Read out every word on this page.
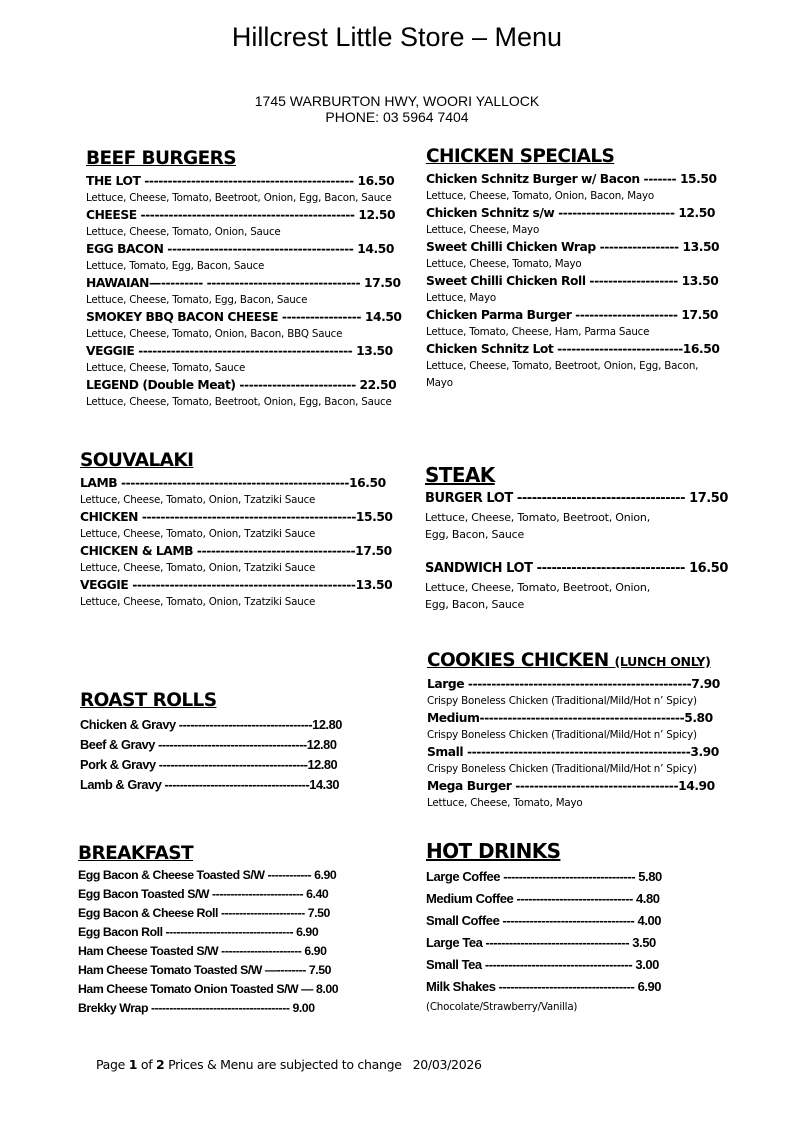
Hillcrest Little Store – Menu
1745 WARBURTON HWY, WOORI YALLOCK
PHONE: 03 5964 7404
BEEF BURGERS
THE LOT --------------------------------------------- 16.50
Lettuce, Cheese, Tomato, Beetroot, Onion, Egg, Bacon, Sauce
CHEESE ---------------------------------------------- 12.50
Lettuce, Cheese, Tomato, Onion, Sauce
EGG BACON ---------------------------------------- 14.50
Lettuce, Tomato, Egg, Bacon, Sauce
HAWAIAN—--------- --------------------------------- 17.50
Lettuce, Cheese, Tomato, Egg, Bacon, Sauce
SMOKEY BBQ BACON CHEESE ----------------- 14.50
Lettuce, Cheese, Tomato, Onion, Bacon, BBQ Sauce
VEGGIE ---------------------------------------------- 13.50
Lettuce, Cheese, Tomato, Sauce
LEGEND (Double Meat) ------------------------- 22.50
Lettuce, Cheese, Tomato, Beetroot, Onion, Egg, Bacon, Sauce
CHICKEN SPECIALS
Chicken Schnitz Burger w/ Bacon ------- 15.50
Lettuce, Cheese, Tomato, Onion, Bacon, Mayo
Chicken Schnitz s/w ------------------------- 12.50
Lettuce, Cheese, Mayo
Sweet Chilli Chicken Wrap ----------------- 13.50
Lettuce, Cheese, Tomato, Mayo
Sweet Chilli Chicken Roll ------------------- 13.50
Lettuce, Mayo
Chicken Parma Burger ---------------------- 17.50
Lettuce, Tomato, Cheese, Ham, Parma Sauce
Chicken Schnitz Lot ---------------------------16.50
Lettuce, Cheese, Tomato, Beetroot, Onion, Egg, Bacon, Mayo
SOUVALAKI
LAMB -------------------------------------------------16.50
Lettuce, Cheese, Tomato, Onion, Tzatziki Sauce
CHICKEN ----------------------------------------------15.50
Lettuce, Cheese, Tomato, Onion, Tzatziki Sauce
CHICKEN & LAMB ----------------------------------17.50
Lettuce, Cheese, Tomato, Onion, Tzatziki Sauce
VEGGIE ------------------------------------------------13.50
Lettuce, Cheese, Tomato, Onion, Tzatziki Sauce
STEAK
BURGER LOT ---------------------------------- 17.50
Lettuce, Cheese, Tomato, Beetroot, Onion,
Egg, Bacon, Sauce
SANDWICH LOT ------------------------------ 16.50
Lettuce, Cheese, Tomato, Beetroot, Onion,
Egg, Bacon, Sauce
COOKIES CHICKEN (LUNCH ONLY)
Large ------------------------------------------------7.90
Crispy Boneless Chicken (Traditional/Mild/Hot n’ Spicy)
Medium--------------------------------------------5.80
Crispy Boneless Chicken (Traditional/Mild/Hot n’ Spicy)
Small ------------------------------------------------3.90
Crispy Boneless Chicken (Traditional/Mild/Hot n’ Spicy)
Mega Burger -----------------------------------14.90
Lettuce, Cheese, Tomato, Mayo
ROAST ROLLS
Chicken & Gravy -----------------------------------12.80
Beef & Gravy ---------------------------------------12.80
Pork & Gravy ---------------------------------------12.80
Lamb & Gravy --------------------------------------14.30
BREAKFAST
Egg Bacon & Cheese Toasted S/W ------------ 6.90
Egg Bacon Toasted S/W ------------------------- 6.40
Egg Bacon & Cheese Roll ----------------------- 7.50
Egg Bacon Roll ----------------------------------- 6.90
Ham Cheese Toasted S/W ---------------------- 6.90
Ham Cheese Tomato Toasted S/W —-------- 7.50
Ham Cheese Tomato Onion Toasted S/W — 8.00
Brekky Wrap -------------------------------------- 9.00
HOT DRINKS
Large Coffee ---------------------------------- 5.80
Medium Coffee ------------------------------ 4.80
Small Coffee ---------------------------------- 4.00
Large Tea ------------------------------------- 3.50
Small Tea -------------------------------------- 3.00
Milk Shakes ----------------------------------- 6.90
(Chocolate/Strawberry/Vanilla)
Page 1 of 2 Prices & Menu are subjected to change   20/03/2026
